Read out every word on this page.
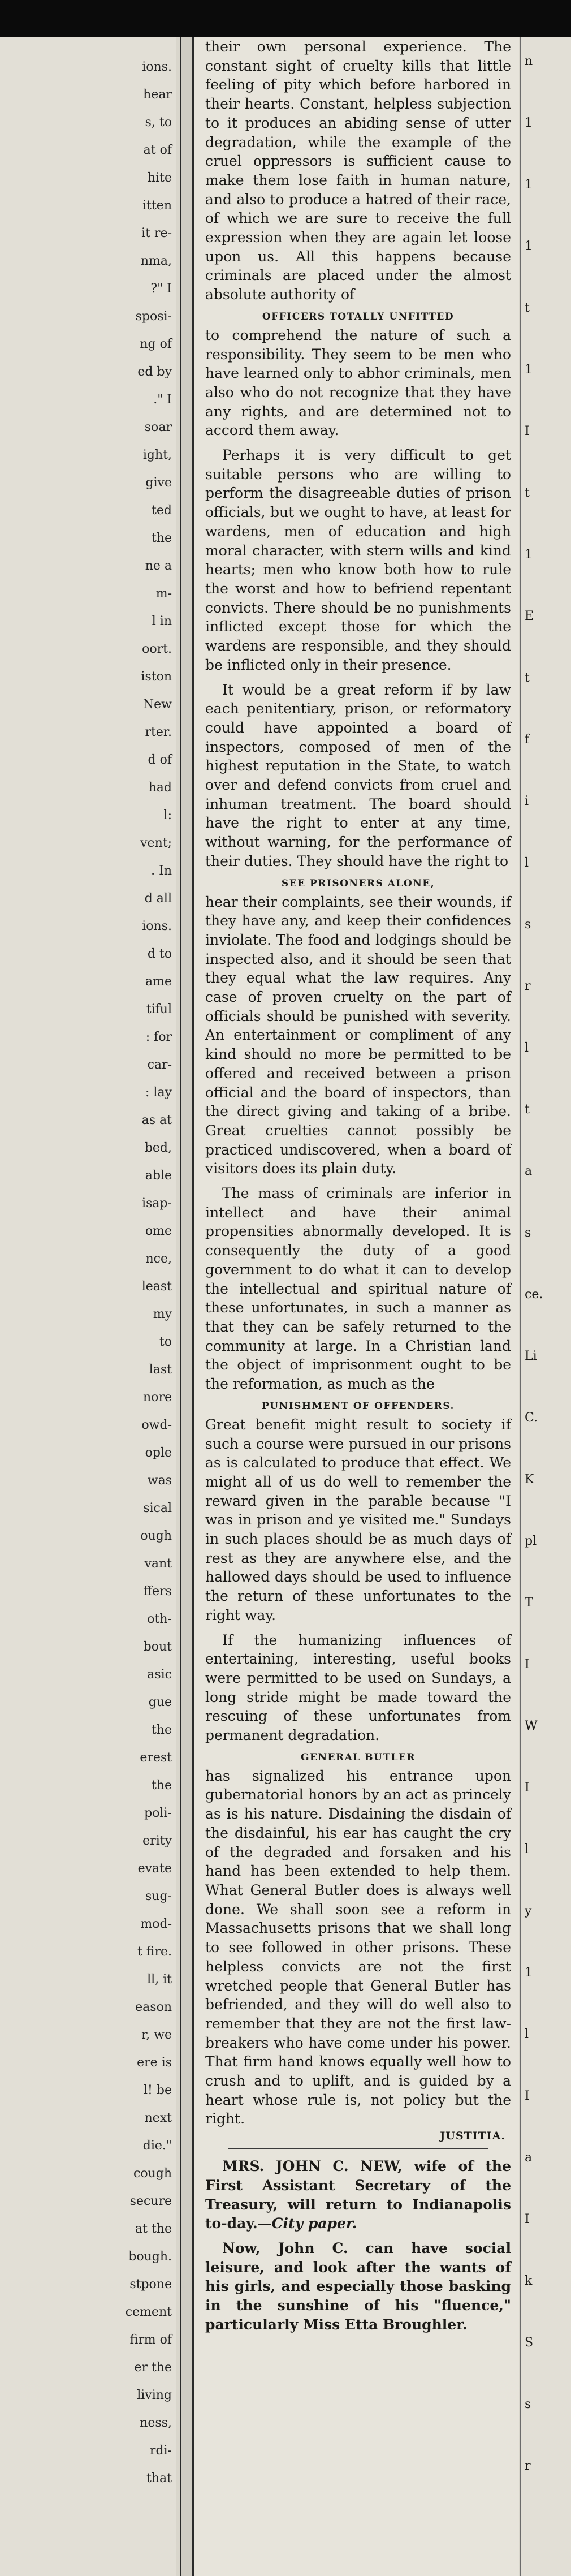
ions.
hear
s, to
at of
hite
itten
it re-
nma,
?" I
sposi-
ng of
ed by
." I
soar
ight,
give
ted
the
ne a
m-
l in
oort.
iston
New
rter.
d of
had
l:
vent;
. In
d all
ions.
d to
ame
tiful
: for
car-
: lay
as at
bed,
able
isap-
ome
nce,
least
my
to
last
nore
owd-
ople
was
sical
ough
vant
ffers
oth-
bout
asic
gue
the
erest
the
poli-
erity
evate
sug-
mod-
t fire.
ll, it
eason
r, we
ere is
l! be
next
die."
cough
secure
at the
bough.
stpone
cement
firm of
er the
living
ness,
rdi-
that

their own personal experience. The constant sight of cruelty kills that little feeling of pity which before harbored in their hearts. Constant, helpless subjection to it produces an abiding sense of utter degradation, while the example of the cruel oppressors is sufficient cause to make them lose faith in human nature, and also to produce a hatred of their race, of which we are sure to receive the full expression when they are again let loose upon us. All this happens because criminals are placed under the almost absolute authority of

OFFICERS TOTALLY UNFITTED

to comprehend the nature of such a responsibility. They seem to be men who have learned only to abhor criminals, men also who do not recognize that they have any rights, and are determined not to accord them away.

Perhaps it is very difficult to get suitable persons who are willing to perform the disagreeable duties of prison officials, but we ought to have, at least for wardens, men of education and high moral character, with stern wills and kind hearts; men who know both how to rule the worst and how to befriend repentant convicts. There should be no punishments inflicted except those for which the wardens are responsible, and they should be inflicted only in their presence.

It would be a great reform if by law each penitentiary, prison, or reformatory could have appointed a board of inspectors, composed of men of the highest reputation in the State, to watch over and defend convicts from cruel and inhuman treatment. The board should have the right to enter at any time, without warning, for the performance of their duties. They should have the right to

SEE PRISONERS ALONE,

hear their complaints, see their wounds, if they have any, and keep their confidences inviolate. The food and lodgings should be inspected also, and it should be seen that they equal what the law requires. Any case of proven cruelty on the part of officials should be punished with severity. An entertainment or compliment of any kind should no more be permitted to be offered and received between a prison official and the board of inspectors, than the direct giving and taking of a bribe. Great cruelties cannot possibly be practiced undiscovered, when a board of visitors does its plain duty.

The mass of criminals are inferior in intellect and have their animal propensities abnormally developed. It is consequently the duty of a good government to do what it can to develop the intellectual and spiritual nature of these unfortunates, in such a manner as that they can be safely returned to the community at large. In a Christian land the object of imprisonment ought to be the reformation, as much as the

PUNISHMENT OF OFFENDERS.

Great benefit might result to society if such a course were pursued in our prisons as is calculated to produce that effect. We might all of us do well to remember the reward given in the parable because "I was in prison and ye visited me." Sundays in such places should be as much days of rest as they are anywhere else, and the hallowed days should be used to influence the return of these unfortunates to the right way.

If the humanizing influences of entertaining, interesting, useful books were permitted to be used on Sundays, a long stride might be made toward the rescuing of these unfortunates from permanent degradation.

GENERAL BUTLER

has signalized his entrance upon gubernatorial honors by an act as princely as is his nature. Disdaining the disdain of the disdainful, his ear has caught the cry of the degraded and forsaken and his hand has been extended to help them. What General Butler does is always well done. We shall soon see a reform in Massachusetts prisons that we shall long to see followed in other prisons. These helpless convicts are not the first wretched people that General Butler has befriended, and they will do well also to remember that they are not the first law-breakers who have come under his power. That firm hand knows equally well how to crush and to uplift, and is guided by a heart whose rule is, not policy but the right.

JUSTITIA.

MRS. JOHN C. NEW, wife of the First Assistant Secretary of the Treasury, will return to Indianapolis to-day.—City paper.

Now, John C. can have social leisure, and look after the wants of his girls, and especially those basking in the sunshine of his "fluence," particularly Miss Etta Broughler.

n
1
1
1
t
1
I
t
1
E
t
f
i
l
s
r
l
t
a
s
ce.
Li
C.
K
pl
T
I
W
I
l
y
1
l
I
a
I
k
S
s
r
